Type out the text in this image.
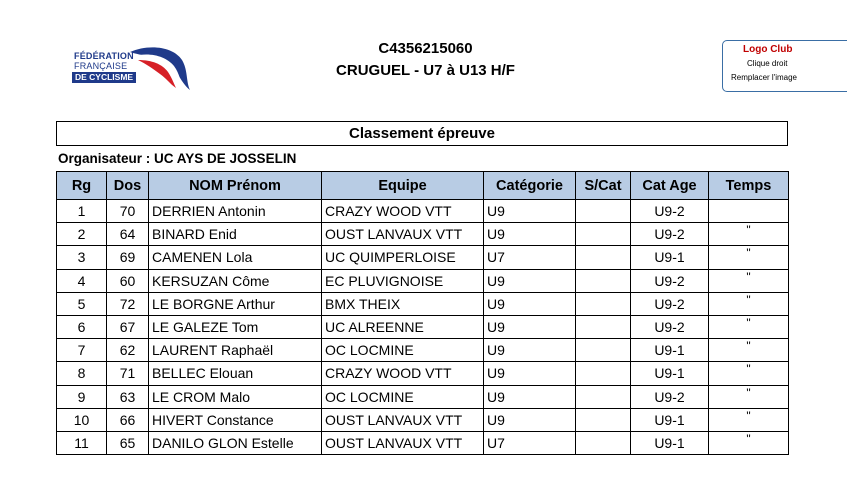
FÉDÉRATION
FRANÇAISE
DE CYCLISME
C4356215060
CRUGUEL - U7 à U13 H/F
Logo Club
Clique droit
Remplacer l'image
Classement épreuve
Organisateur : UC AYS DE JOSSELIN
Rg	Dos	NOM Prénom	Equipe	Catégorie	S/Cat	Cat Age	Temps
1	70	DERRIEN Antonin	CRAZY WOOD VTT	U9		U9-2	
2	64	BINARD Enid	OUST LANVAUX VTT	U9		U9-2	"
3	69	CAMENEN Lola	UC QUIMPERLOISE	U7		U9-1	"
4	60	KERSUZAN Côme	EC PLUVIGNOISE	U9		U9-2	"
5	72	LE BORGNE Arthur	BMX THEIX	U9		U9-2	"
6	67	LE GALEZE Tom	UC ALREENNE	U9		U9-2	"
7	62	LAURENT Raphaël	OC LOCMINE	U9		U9-1	"
8	71	BELLEC Elouan	CRAZY WOOD VTT	U9		U9-1	"
9	63	LE CROM Malo	OC LOCMINE	U9		U9-2	"
10	66	HIVERT Constance	OUST LANVAUX VTT	U9		U9-1	"
11	65	DANILO GLON Estelle	OUST LANVAUX VTT	U7		U9-1	"
